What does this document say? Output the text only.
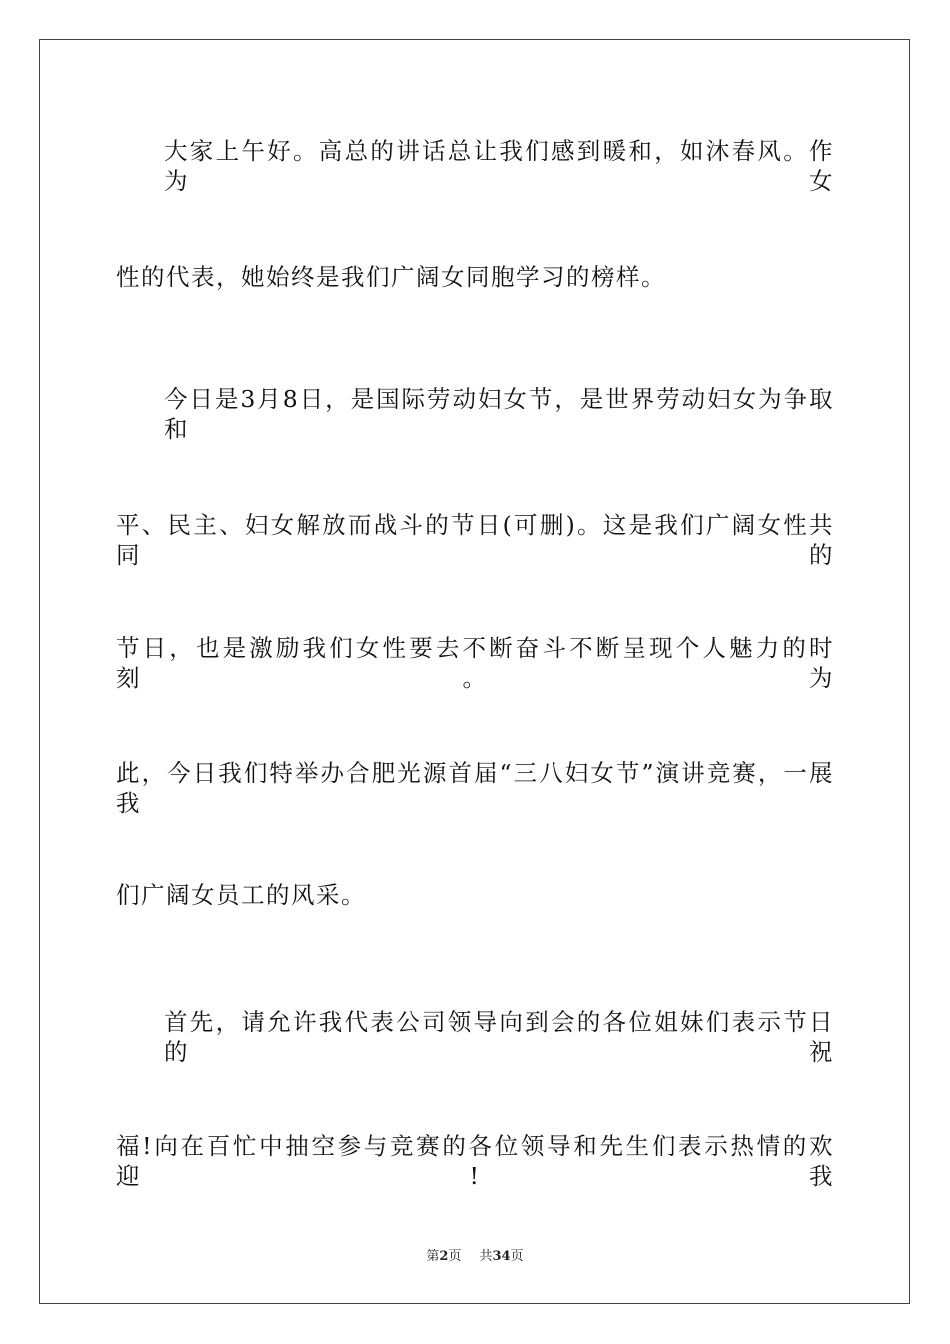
大家上午好。高总的讲话总让我们感到暖和，如沐春风。作为女
性的代表，她始终是我们广阔女同胞学习的榜样。
今日是3月8日，是国际劳动妇女节，是世界劳动妇女为争取和
平、民主、妇女解放而战斗的节日(可删)。这是我们广阔女性共同的
节日，也是激励我们女性要去不断奋斗不断呈现个人魅力的时刻。为
此，今日我们特举办合肥光源首届“三八妇女节”演讲竞赛，一展我
们广阔女员工的风采。
首先，请允许我代表公司领导向到会的各位姐妹们表示节日的祝
福!向在百忙中抽空参与竞赛的各位领导和先生们表示热情的欢迎!我
第2页 共34页
